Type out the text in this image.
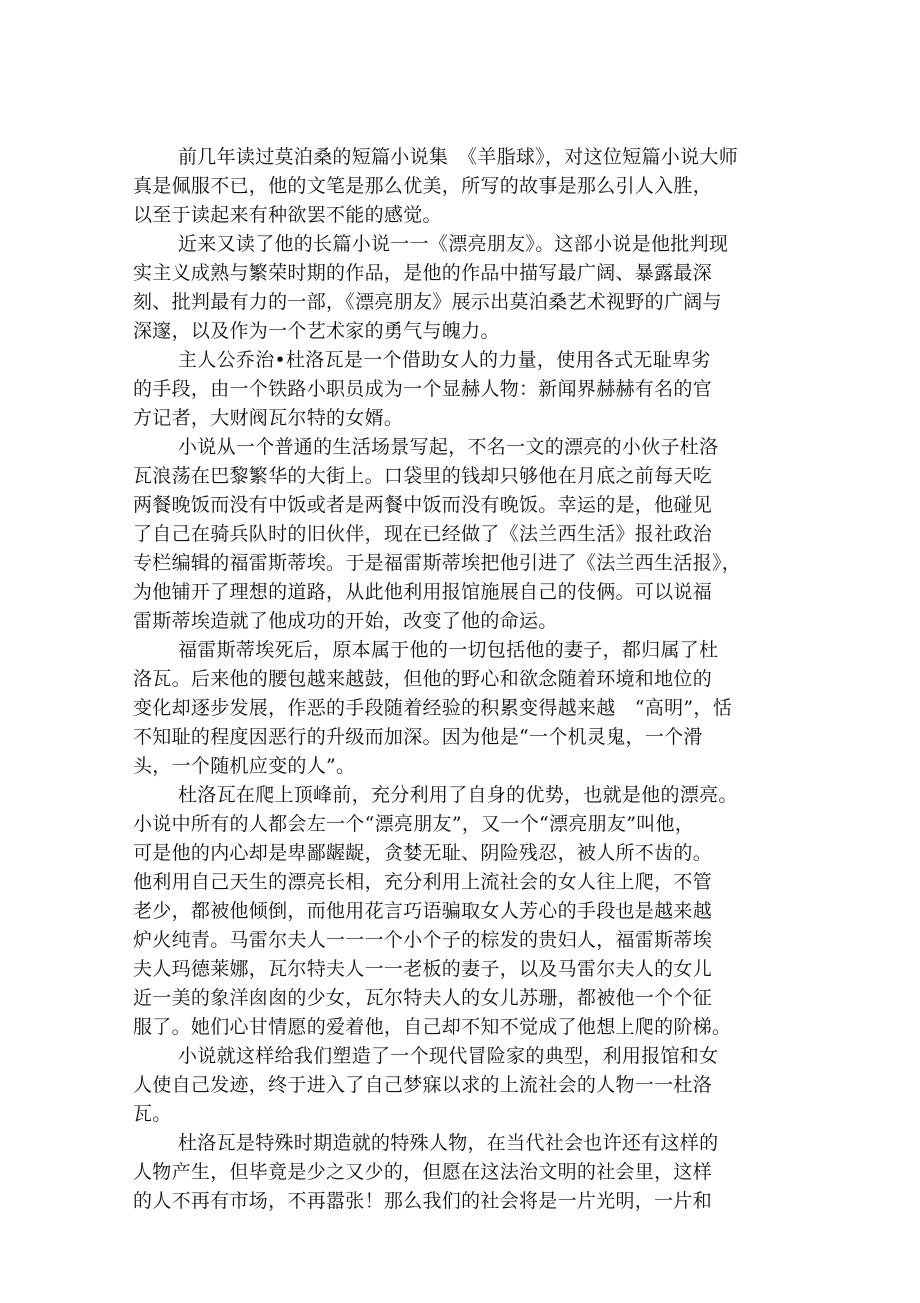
前几年读过莫泊桑的短篇小说集　《羊脂球》，对这位短篇小说大师
真是佩服不已，他的文笔是那么优美，所写的故事是那么引人入胜，
以至于读起来有种欲罢不能的感觉。
近来又读了他的长篇小说一一《漂亮朋友》。这部小说是他批判现
实主义成熟与繁荣时期的作品，是他的作品中描写最广阔、暴露最深
刻、批判最有力的一部，《漂亮朋友》展示出莫泊桑艺术视野的广阔与
深邃，以及作为一个艺术家的勇气与魄力。
主人公乔治•杜洛瓦是一个借助女人的力量，使用各式无耻卑劣
的手段，由一个铁路小职员成为一个显赫人物：新闻界赫赫有名的官
方记者，大财阀瓦尔特的女婿。
小说从一个普通的生活场景写起，不名一文的漂亮的小伙子杜洛
瓦浪荡在巴黎繁华的大街上。口袋里的钱却只够他在月底之前每天吃
两餐晚饭而没有中饭或者是两餐中饭而没有晚饭。幸运的是，他碰见
了自己在骑兵队时的旧伙伴，现在已经做了《法兰西生活》报社政治
专栏编辑的福雷斯蒂埃。于是福雷斯蒂埃把他引进了《法兰西生活报》，
为他铺开了理想的道路，从此他利用报馆施展自己的伎俩。可以说福
雷斯蒂埃造就了他成功的开始，改变了他的命运。
福雷斯蒂埃死后，原本属于他的一切包括他的妻子，都归属了杜
洛瓦。后来他的腰包越来越鼓，但他的野心和欲念随着环境和地位的
变化却逐步发展，作恶的手段随着经验的积累变得越来越　“高明”，恬
不知耻的程度因恶行的升级而加深。因为他是“一个机灵鬼，一个滑
头，一个随机应变的人”。
杜洛瓦在爬上顶峰前，充分利用了自身的优势，也就是他的漂亮。
小说中所有的人都会左一个“漂亮朋友”，又一个“漂亮朋友”叫他，
可是他的内心却是卑鄙龌龊，贪婪无耻、阴险残忍，被人所不齿的。
他利用自己天生的漂亮长相，充分利用上流社会的女人往上爬，不管
老少，都被他倾倒，而他用花言巧语骗取女人芳心的手段也是越来越
炉火纯青。马雷尔夫人一一一个小个子的棕发的贵妇人，福雷斯蒂埃
夫人玛德莱娜，瓦尔特夫人一一老板的妻子，以及马雷尔夫人的女儿
近一美的象洋囱囱的少女，瓦尔特夫人的女儿苏珊，都被他一个个征
服了。她们心甘情愿的爱着他，自己却不知不觉成了他想上爬的阶梯。
小说就这样给我们塑造了一个现代冒险家的典型，利用报馆和女
人使自己发迹，终于进入了自己梦寐以求的上流社会的人物一一杜洛
瓦。
杜洛瓦是特殊时期造就的特殊人物，在当代社会也许还有这样的
人物产生，但毕竟是少之又少的，但愿在这法治文明的社会里，这样
的人不再有市场，不再嚣张！那么我们的社会将是一片光明，一片和
